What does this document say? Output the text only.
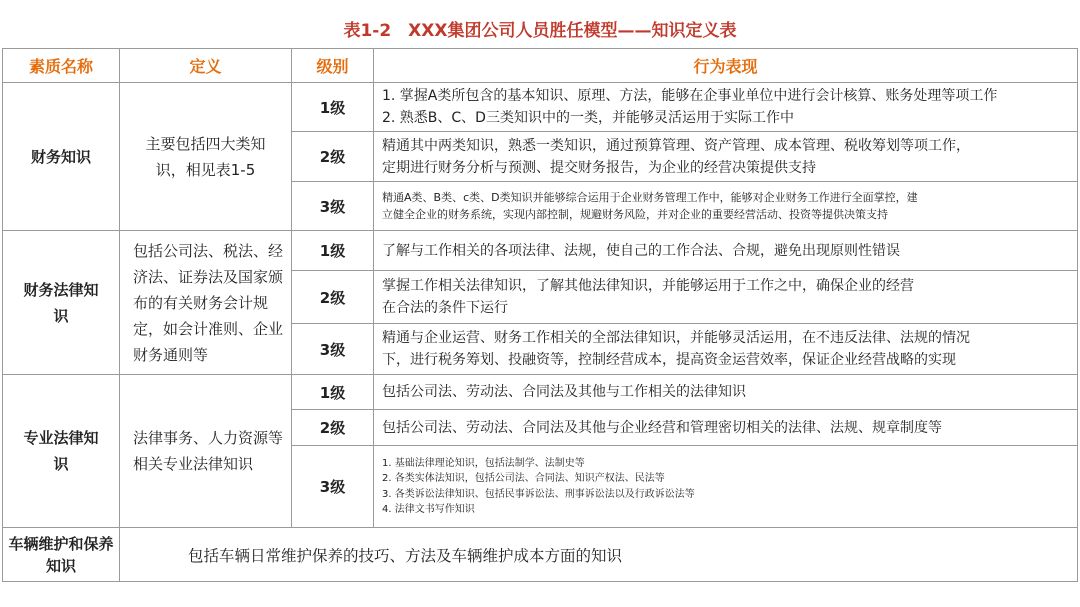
表1-2　XXX集团公司人员胜任模型——知识定义表
素质名称	定义	级别	行为表现
财务知识	主要包括四大类知识，相见表1-5	1级	1. 掌握A类所包含的基本知识、原理、方法，能够在企事业单位中进行会计核算、账务处理等项工作
2. 熟悉B、C、D三类知识中的一类，并能够灵活运用于实际工作中

		2级	精通其中两类知识，熟悉一类知识，通过预算管理、资产管理、成本管理、税收筹划等项工作，
定期进行财务分析与预测、提交财务报告，为企业的经营决策提供支持

		3级	精通A类、B类、c类、D类知识并能够综合运用于企业财务管理工作中，能够对企业财务工作进行全面掌控，建
立健全企业的财务系统，实现内部控制，规避财务风险，并对企业的重要经营活动、投资等提供决策支持

财务法律知识	包括公司法、税法、经济法、证券法及国家颁布的有关财务会计规定，如会计准则、企业财务通则等	1级	了解与工作相关的各项法律、法规，使自己的工作合法、合规，避免出现原则性错误

		2级	掌握工作相关法律知识，了解其他法律知识，并能够运用于工作之中，确保企业的经营
在合法的条件下运行

		3级	精通与企业运营、财务工作相关的全部法律知识，并能够灵活运用，在不违反法律、法规的情况
下，进行税务筹划、投融资等，控制经营成本，提高资金运营效率，保证企业经营战略的实现

专业法律知识	法律事务、人力资源等相关专业法律知识	1级	包括公司法、劳动法、合同法及其他与工作相关的法律知识

		2级	包括公司法、劳动法、合同法及其他与企业经营和管理密切相关的法律、法规、规章制度等

		3级	1. 基础法律理论知识，包括法制学、法制史等
2. 各类实体法知识，包括公司法、合同法、知识产权法、民法等
3. 各类诉讼法律知识、包括民事诉讼法、刑事诉讼法以及行政诉讼法等
4. 法律文书写作知识

车辆维护和保养知识	包括车辆日常维护保养的技巧、方法及车辆维护成本方面的知识		
